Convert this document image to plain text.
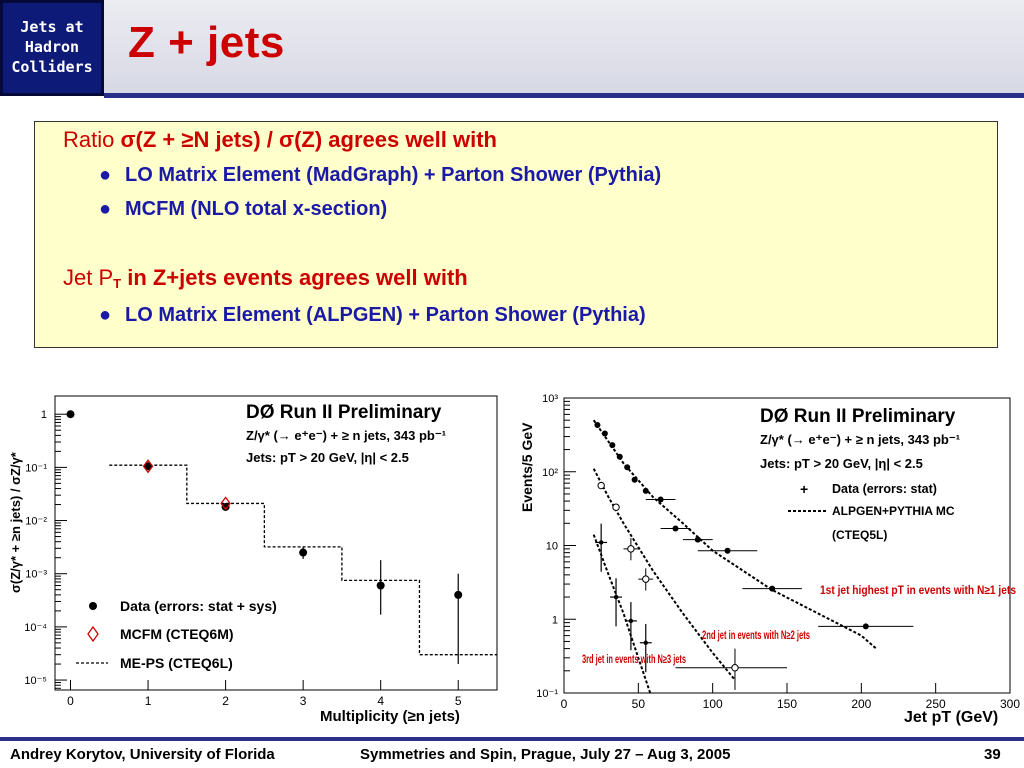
Jets at
Hadron
Colliders Z + jets
Ratio σ(Z + ≥N jets) / σ(Z) agrees well with
● LO Matrix Element (MadGraph) + Parton Shower (Pythia)
● MCFM (NLO total x-section)
Jet $P_T$ in Z+jets events agrees well with
● LO Matrix Element (ALPGEN) + Parton Shower (Pythia)
1
10⁻¹
10⁻²
10⁻³
10⁻⁴
10⁻⁵
0	1	2	3	4	5
DØ Run II Preliminary
Z/γ* (→ e⁺e⁻) + ≥ n jets, 343 pb⁻¹
Jets: pT > 20 GeV, |η| < 2.5
Multiplicity (≥n jets)
σ(Z/γ* + ≥n jets) / σZ/γ*
Data (errors: stat + sys)
MCFM (CTEQ6M)
ME-PS (CTEQ6L)
10³
10²
10
1
10⁻¹
0	50	100	150	200	250	300
DØ Run II Preliminary
Z/γ* (→ e⁺e⁻) + ≥ n jets, 343 pb⁻¹
Jets: pT > 20 GeV, |η| < 2.5
+ Data (errors: stat)
ALPGEN+PYTHIA MC
(CTEQ5L)
Jet pT (GeV)
Events/5 GeV
1st jet highest pT in events with N≥1 jets
2nd jet in events with N≥2 jets
3rd jet in events with N≥3 jets
Andrey Korytov, University of Florida	Symmetries and Spin, Prague, July 27 – Aug 3, 2005	39
